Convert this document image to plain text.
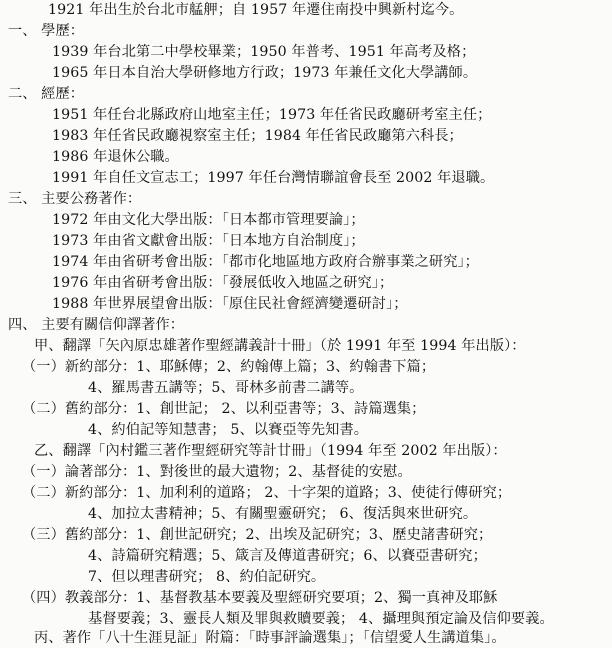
1921 年出生於台北市艋舺；自 1957 年遷住南投中興新村迄今。
一、 學歷：
1939 年台北第二中學校畢業；1950 年普考、1951 年高考及格；
1965 年日本自治大學研修地方行政；1973 年兼任文化大學講師。
二、 經歷：
1951 年任台北縣政府山地室主任；1973 年任省民政廳研考室主任；
1983 年任省民政廳視察室主任；1984 年任省民政廳第六科長；
1986 年退休公職。
1991 年自任文宣志工；1997 年任台灣情聯誼會長至 2002 年退職。
三、 主要公務著作：
1972 年由文化大學出版：「日本都市管理要論」；
1973 年由省文獻會出版：「日本地方自治制度」；
1974 年由省研考會出版：「都市化地區地方政府合辦事業之研究」；
1976 年由省研考會出版：「發展低收入地區之研究」；
1988 年世界展望會出版：「原住民社會經濟變遷研討」；
四、 主要有關信仰譯著作：
甲、翻譯「矢內原忠雄著作聖經講義計十冊」（於 1991 年至 1994 年出版）：
（一）新約部分：1、耶穌傳；2、約翰傳上篇；3、約翰書下篇；
4、羅馬書五講等；5、哥林多前書二講等。
（二）舊約部分：1、創世記； 2、以利亞書等；3、詩篇選集；
4、約伯記等知慧書； 5、以賽亞等先知書。
乙、翻譯「內村鑑三著作聖經研究等計廿冊」（1994 年至 2002 年出版）：
（一）論著部分：1、對後世的最大遺物；2、基督徒的安慰。
（二）新約部分：1、加利利的道路； 2、十字架的道路；3、使徒行傳研究；
4、加拉太書精神；5、有關聖靈研究； 6、復活與來世研究。
（三）舊約部分：1、創世記研究；2、出埃及記研究；3、歷史諸書研究；
4、詩篇研究精選；5、箴言及傳道書研究；6、以賽亞書研究；
7、但以理書研究； 8、約伯記研究。
（四）教義部分：1、基督教基本要義及聖經研究要項；2、獨一真神及耶穌
基督要義；3、靈長人類及罪與救贖要義； 4、攝理與預定論及信仰要義。
丙、著作「八十生涯見証」附篇：「時事評論選集」；「信望愛人生講道集」。
